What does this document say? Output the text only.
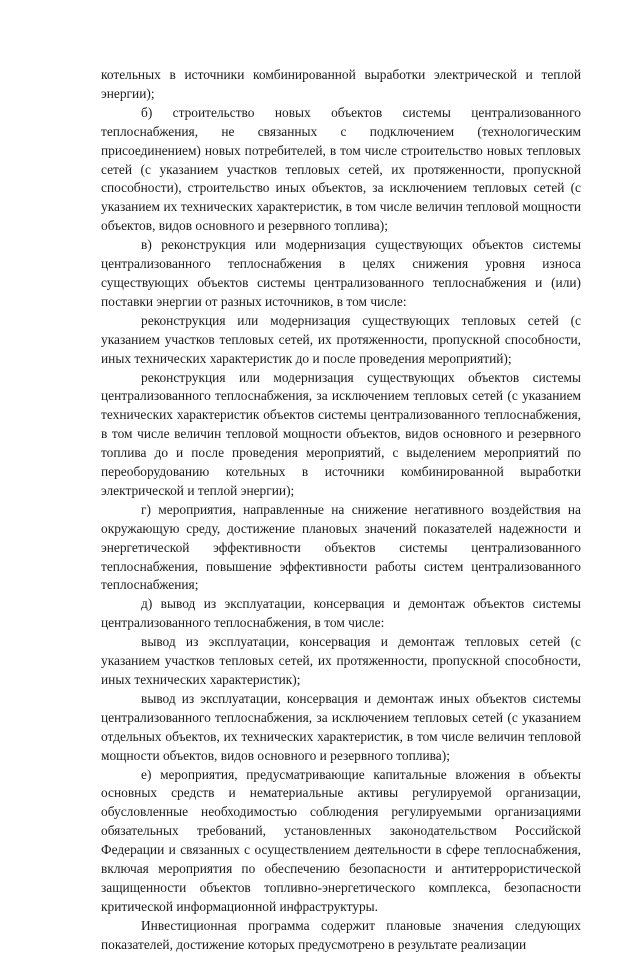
котельных в источники комбинированной выработки электрической и теплой энергии);

б) строительство новых объектов системы централизованного теплоснабжения, не связанных с подключением (технологическим присоединением) новых потребителей, в том числе строительство новых тепловых сетей (с указанием участков тепловых сетей, их протяженности, пропускной способности), строительство иных объектов, за исключением тепловых сетей (с указанием их технических характеристик, в том числе величин тепловой мощности объектов, видов основного и резервного топлива);

в) реконструкция или модернизация существующих объектов системы централизованного теплоснабжения в целях снижения уровня износа существующих объектов системы централизованного теплоснабжения и (или) поставки энергии от разных источников, в том числе:

реконструкция или модернизация существующих тепловых сетей (с указанием участков тепловых сетей, их протяженности, пропускной способности, иных технических характеристик до и после проведения мероприятий);

реконструкция или модернизация существующих объектов системы централизованного теплоснабжения, за исключением тепловых сетей (с указанием технических характеристик объектов системы централизованного теплоснабжения, в том числе величин тепловой мощности объектов, видов основного и резервного топлива до и после проведения мероприятий, с выделением мероприятий по переоборудованию котельных в источники комбинированной выработки электрической и теплой энергии);

г) мероприятия, направленные на снижение негативного воздействия на окружающую среду, достижение плановых значений показателей надежности и энергетической эффективности объектов системы централизованного теплоснабжения, повышение эффективности работы систем централизованного теплоснабжения;

д) вывод из эксплуатации, консервация и демонтаж объектов системы централизованного теплоснабжения, в том числе:

вывод из эксплуатации, консервация и демонтаж тепловых сетей (с указанием участков тепловых сетей, их протяженности, пропускной способности, иных технических характеристик);

вывод из эксплуатации, консервация и демонтаж иных объектов системы централизованного теплоснабжения, за исключением тепловых сетей (с указанием отдельных объектов, их технических характеристик, в том числе величин тепловой мощности объектов, видов основного и резервного топлива);

е) мероприятия, предусматривающие капитальные вложения в объекты основных средств и нематериальные активы регулируемой организации, обусловленные необходимостью соблюдения регулируемыми организациями обязательных требований, установленных законодательством Российской Федерации и связанных с осуществлением деятельности в сфере теплоснабжения, включая мероприятия по обеспечению безопасности и антитеррористической защищенности объектов топливно-энергетического комплекса, безопасности критической информационной инфраструктуры.

Инвестиционная программа содержит плановые значения следующих показателей, достижение которых предусмотрено в результате реализации
